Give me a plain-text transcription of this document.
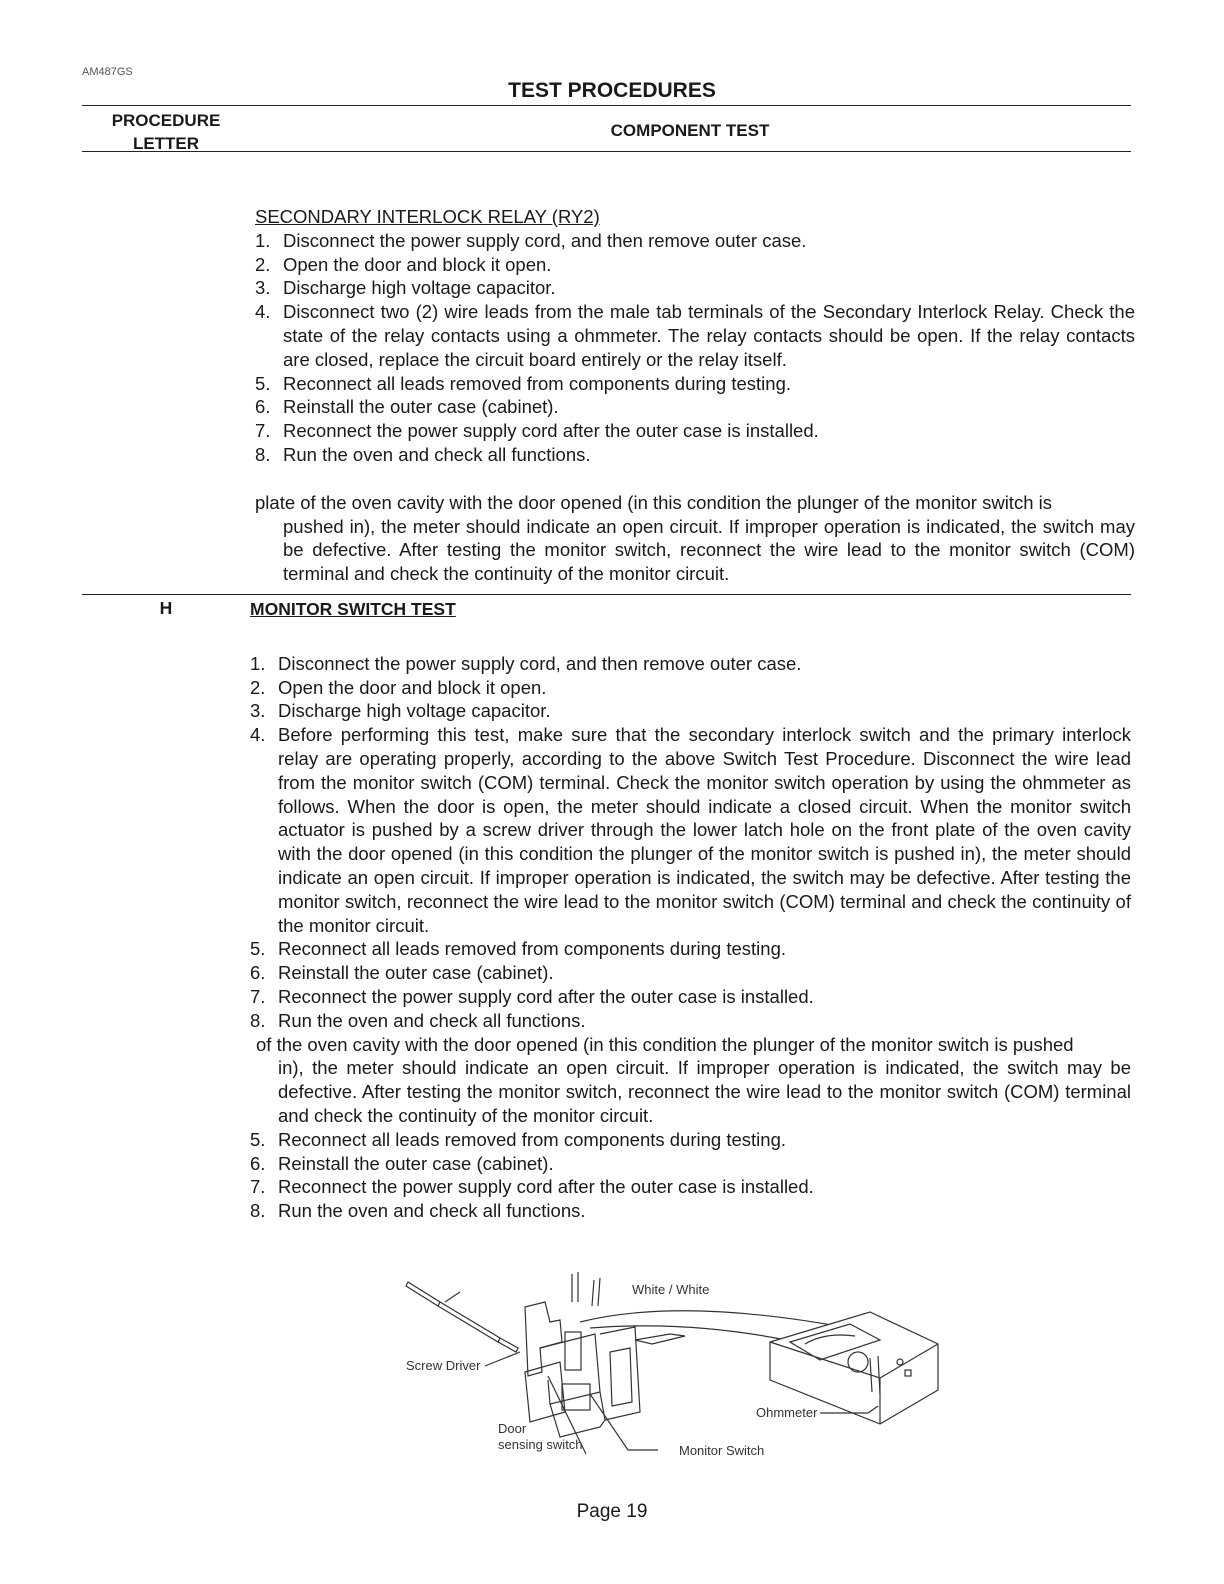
AM487GS
TEST PROCEDURES
PROCEDURE
LETTER
COMPONENT TEST
SECONDARY INTERLOCK RELAY (RY2)
1. Disconnect the power supply cord, and then remove outer case.
2. Open the door and block it open.
3. Discharge high voltage capacitor.
4. Disconnect two (2) wire leads from the male tab terminals of the Secondary Interlock Relay. Check the state of the relay contacts using a ohmmeter. The relay contacts should be open. If the relay contacts are closed, replace the circuit board entirely or the relay itself.
5. Reconnect all leads removed from components during testing.
6. Reinstall the outer case (cabinet).
7. Reconnect the power supply cord after the outer case is installed.
8. Run the oven and check all functions.
plate of the oven cavity with the door opened (in this condition the plunger of the monitor switch is
pushed in), the meter should indicate an open circuit. If improper operation is indicated, the switch may be defective. After testing the monitor switch, reconnect the wire lead to the monitor switch (COM) terminal and check the continuity of the monitor circuit.
H	MONITOR SWITCH TEST
1. Disconnect the power supply cord, and then remove outer case.
2. Open the door and block it open.
3. Discharge high voltage capacitor.
4. Before performing this test, make sure that the secondary interlock switch and the primary interlock relay are operating properly, according to the above Switch Test Procedure. Disconnect the wire lead from the monitor switch (COM) terminal. Check the monitor switch operation by using the ohmmeter as follows. When the door is open, the meter should indicate a closed circuit. When the monitor switch actuator is pushed by a screw driver through the lower latch hole on the front plate of the oven cavity with the door opened (in this condition the plunger of the monitor switch is pushed in), the meter should indicate an open circuit. If improper operation is indicated, the switch may be defective. After testing the monitor switch, reconnect the wire lead to the monitor switch (COM) terminal and check the continuity of the monitor circuit.
5. Reconnect all leads removed from components during testing.
6. Reinstall the outer case (cabinet).
7. Reconnect the power supply cord after the outer case is installed.
8. Run the oven and check all functions.
of the oven cavity with the door opened (in this condition the plunger of the monitor switch is pushed
in), the meter should indicate an open circuit. If improper operation is indicated, the switch may be defective. After testing the monitor switch, reconnect the wire lead to the monitor switch (COM) terminal and check the continuity of the monitor circuit.
5. Reconnect all leads removed from components during testing.
6. Reinstall the outer case (cabinet).
7. Reconnect the power supply cord after the outer case is installed.
8. Run the oven and check all functions.
White / White
Screw Driver
Door
sensing switch
Ohmmeter
Monitor Switch
Page 19
